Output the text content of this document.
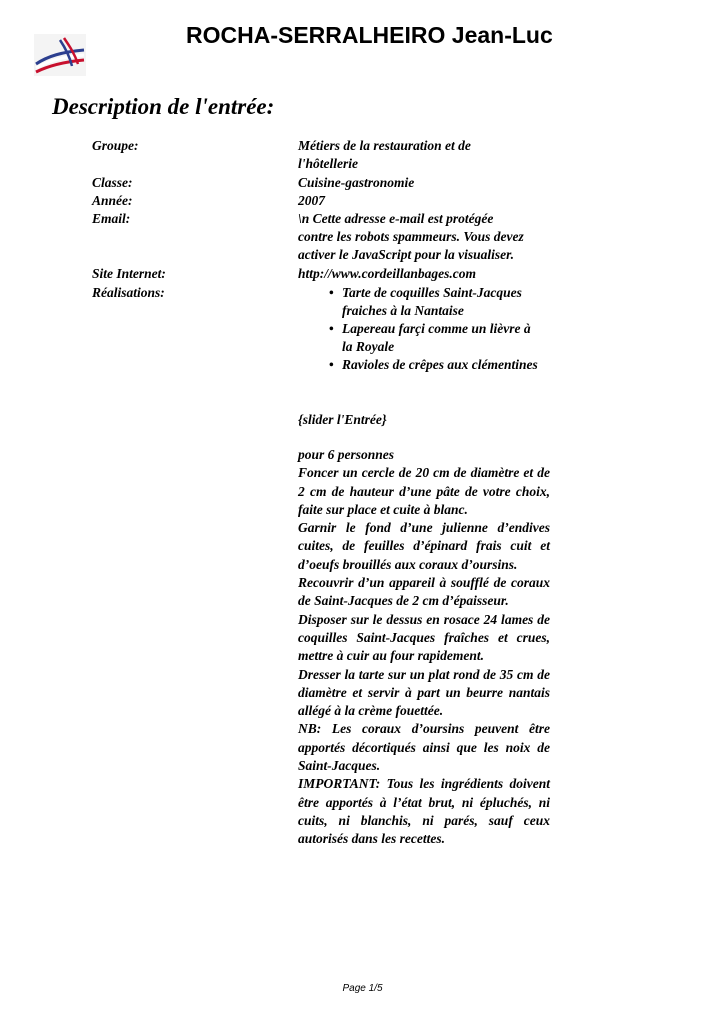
ROCHA-SERRALHEIRO Jean-Luc
Description de l'entrée:
Groupe:	Métiers de la restauration et de

l'hôtellerie

Classe:	Cuisine-gastronomie
Année:	2007
Email:	\n Cette adresse e-mail est protégée

contre les robots spammeurs. Vous devez

activer le JavaScript pour la visualiser.

Site Internet:	http://www.cordeillanbages.com
Réalisations:
•	Tarte de coquilles Saint-Jacques fraiches à la Nantaise
• Lapereau farçi comme un lièvre à la Royale
• Ravioles de crêpes aux clémentines
{slider l'Entrée}

pour 6 personnes

Foncer un cercle de 20 cm de diamètre et de 2 cm de hauteur d’une pâte de votre choix, faite sur place et cuite à blanc.

Garnir le fond d’une julienne d’endives cuites, de feuilles d’épinard frais cuit et d’oeufs brouillés aux coraux d’oursins.

Recouvrir d’un appareil à soufflé de coraux de Saint-Jacques de 2 cm d’épaisseur.

Disposer sur le dessus en rosace 24 lames de coquilles Saint-Jacques fraîches et crues, mettre à cuir au four rapidement.

Dresser la tarte sur un plat rond de 35 cm de diamètre et servir à part un beurre nantais allégé à la crème fouettée.

NB: Les coraux d’oursins peuvent être apportés décortiqués ainsi que les noix de Saint-Jacques.

IMPORTANT: Tous les ingrédients doivent être apportés à l’état brut, ni épluchés, ni cuits, ni blanchis, ni parés, sauf ceux autorisés dans les recettes.

Page 1/5
